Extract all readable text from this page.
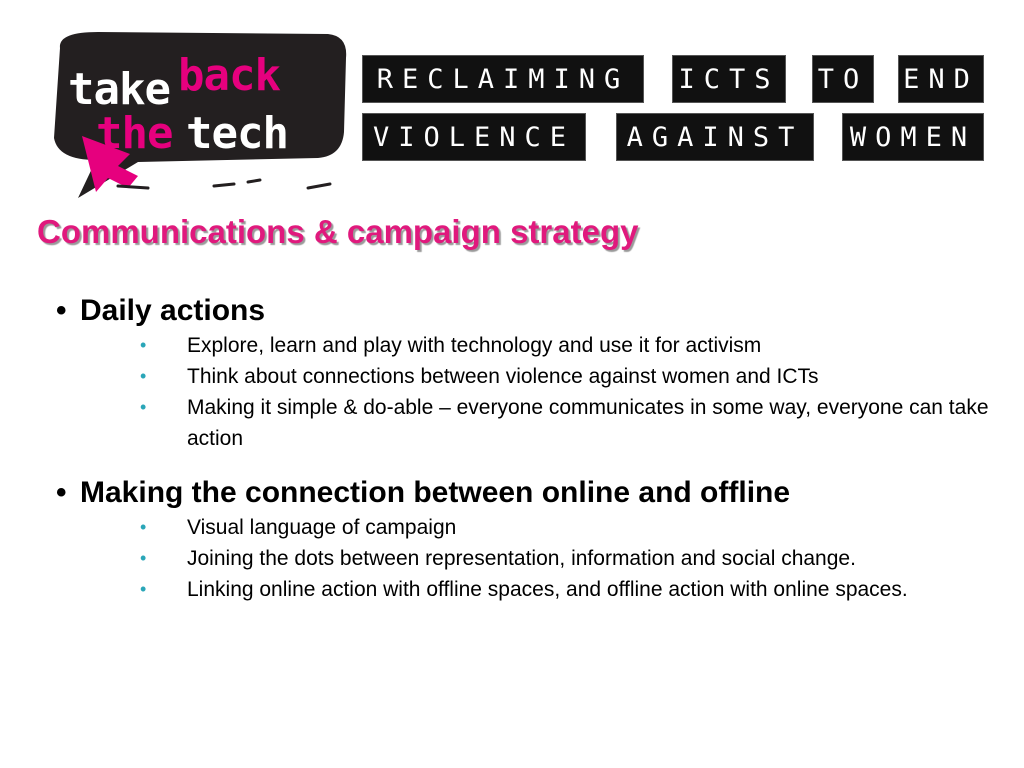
take back
the tech
RECLAIMING	ICTS TO END
VIOLENCE	AGAINST	WOMEN
Communications & campaign strategy
• Daily actions
• Explore, learn and play with technology and use it for activism
• Think about connections between violence against women and ICTs
• Making it simple & do-able – everyone communicates in some way, everyone can take action
• Making the connection between online and offline
• Visual language of campaign
• Joining the dots between representation, information and social change.
• Linking online action with offline spaces, and offline action with online spaces.
